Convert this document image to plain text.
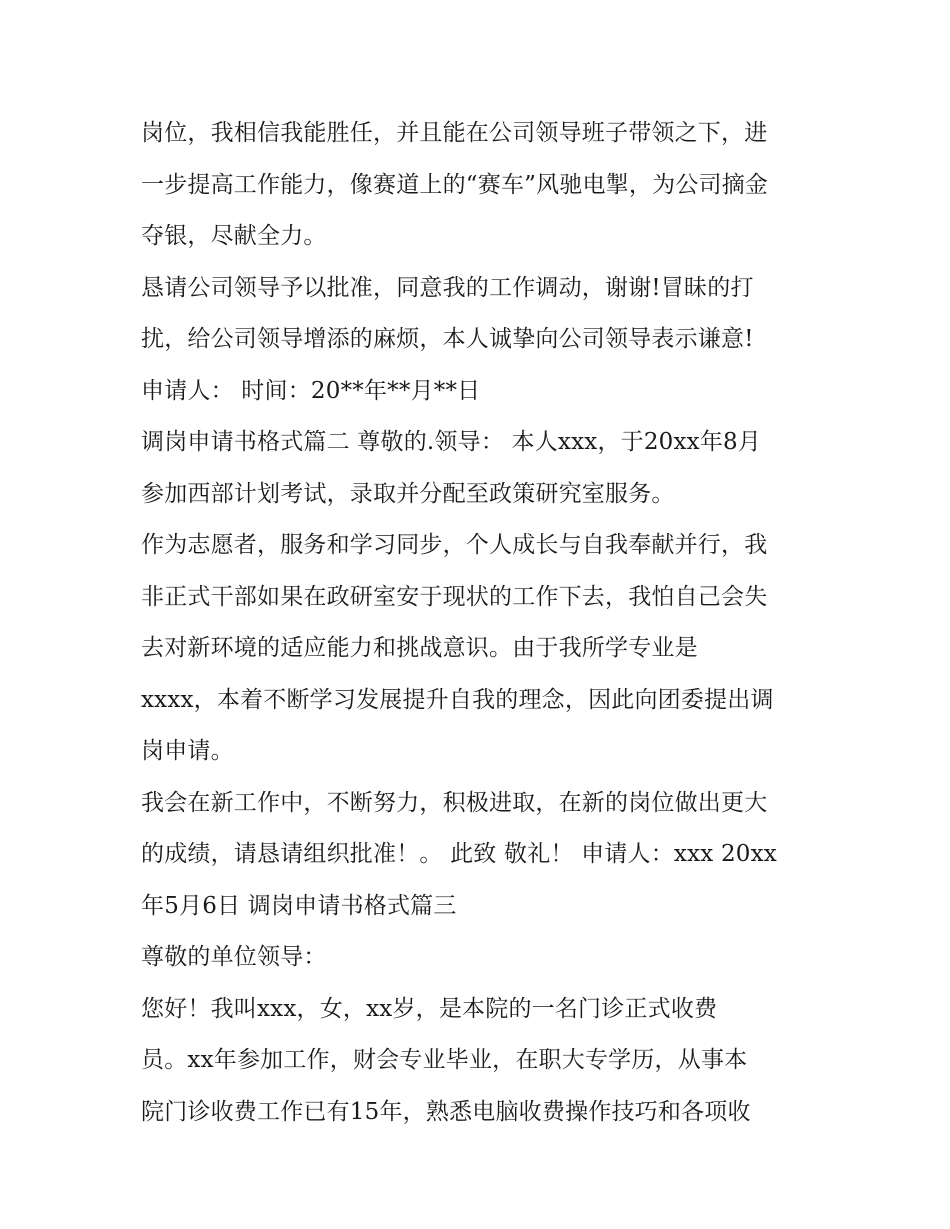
岗位，我相信我能胜任，并且能在公司领导班子带领之下，进
一步提高工作能力，像赛道上的“赛车”风驰电掣，为公司摘金
夺银，尽献全力。
恳请公司领导予以批准，同意我的工作调动，谢谢!冒昧的打
扰，给公司领导增添的麻烦，本人诚挚向公司领导表示谦意!
申请人： 时间：20**年**月**日
调岗申请书格式篇二 尊敬的.领导： 本人xxx，于20xx年8月
参加西部计划考试，录取并分配至政策研究室服务。
作为志愿者，服务和学习同步，个人成长与自我奉献并行，我
非正式干部如果在政研室安于现状的工作下去，我怕自己会失
去对新环境的适应能力和挑战意识。由于我所学专业是
xxxx，本着不断学习发展提升自我的理念，因此向团委提出调
岗申请。
我会在新工作中，不断努力，积极进取，在新的岗位做出更大
的成绩，请恳请组织批准！。 此致 敬礼！ 申请人：xxx 20xx
年5月6日 调岗申请书格式篇三
尊敬的单位领导：
您好！我叫xxx，女，xx岁，是本院的一名门诊正式收费
员。xx年参加工作，财会专业毕业，在职大专学历，从事本
院门诊收费工作已有15年，熟悉电脑收费操作技巧和各项收
